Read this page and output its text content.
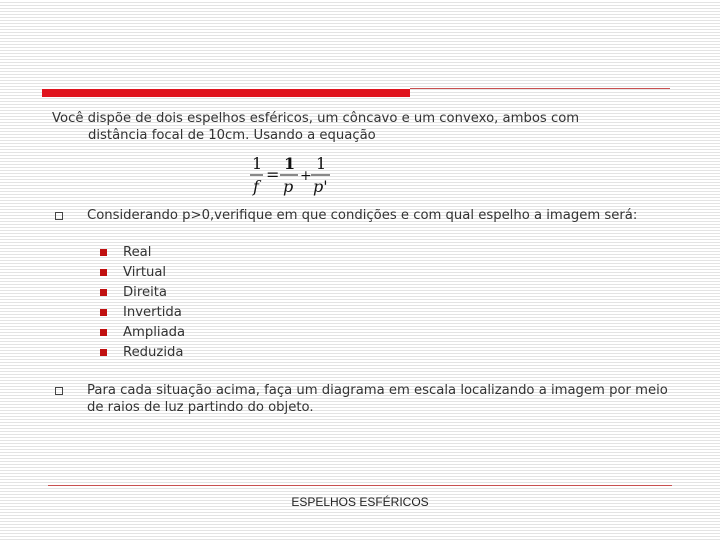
Você dispõe de dois espelhos esféricos, um côncavo e um convexo, ambos com
distância focal de 10cm. Usando a equação
1
f
=
1
p
+
1
p'
Considerando p>0,verifique em que condições e com qual espelho a imagem será:
Real
Virtual
Direita
Invertida
Ampliada
Reduzida
Para cada situação acima, faça um diagrama em escala localizando a imagem por meio de raios de luz partindo do objeto.
ESPELHOS ESFÉRICOS
